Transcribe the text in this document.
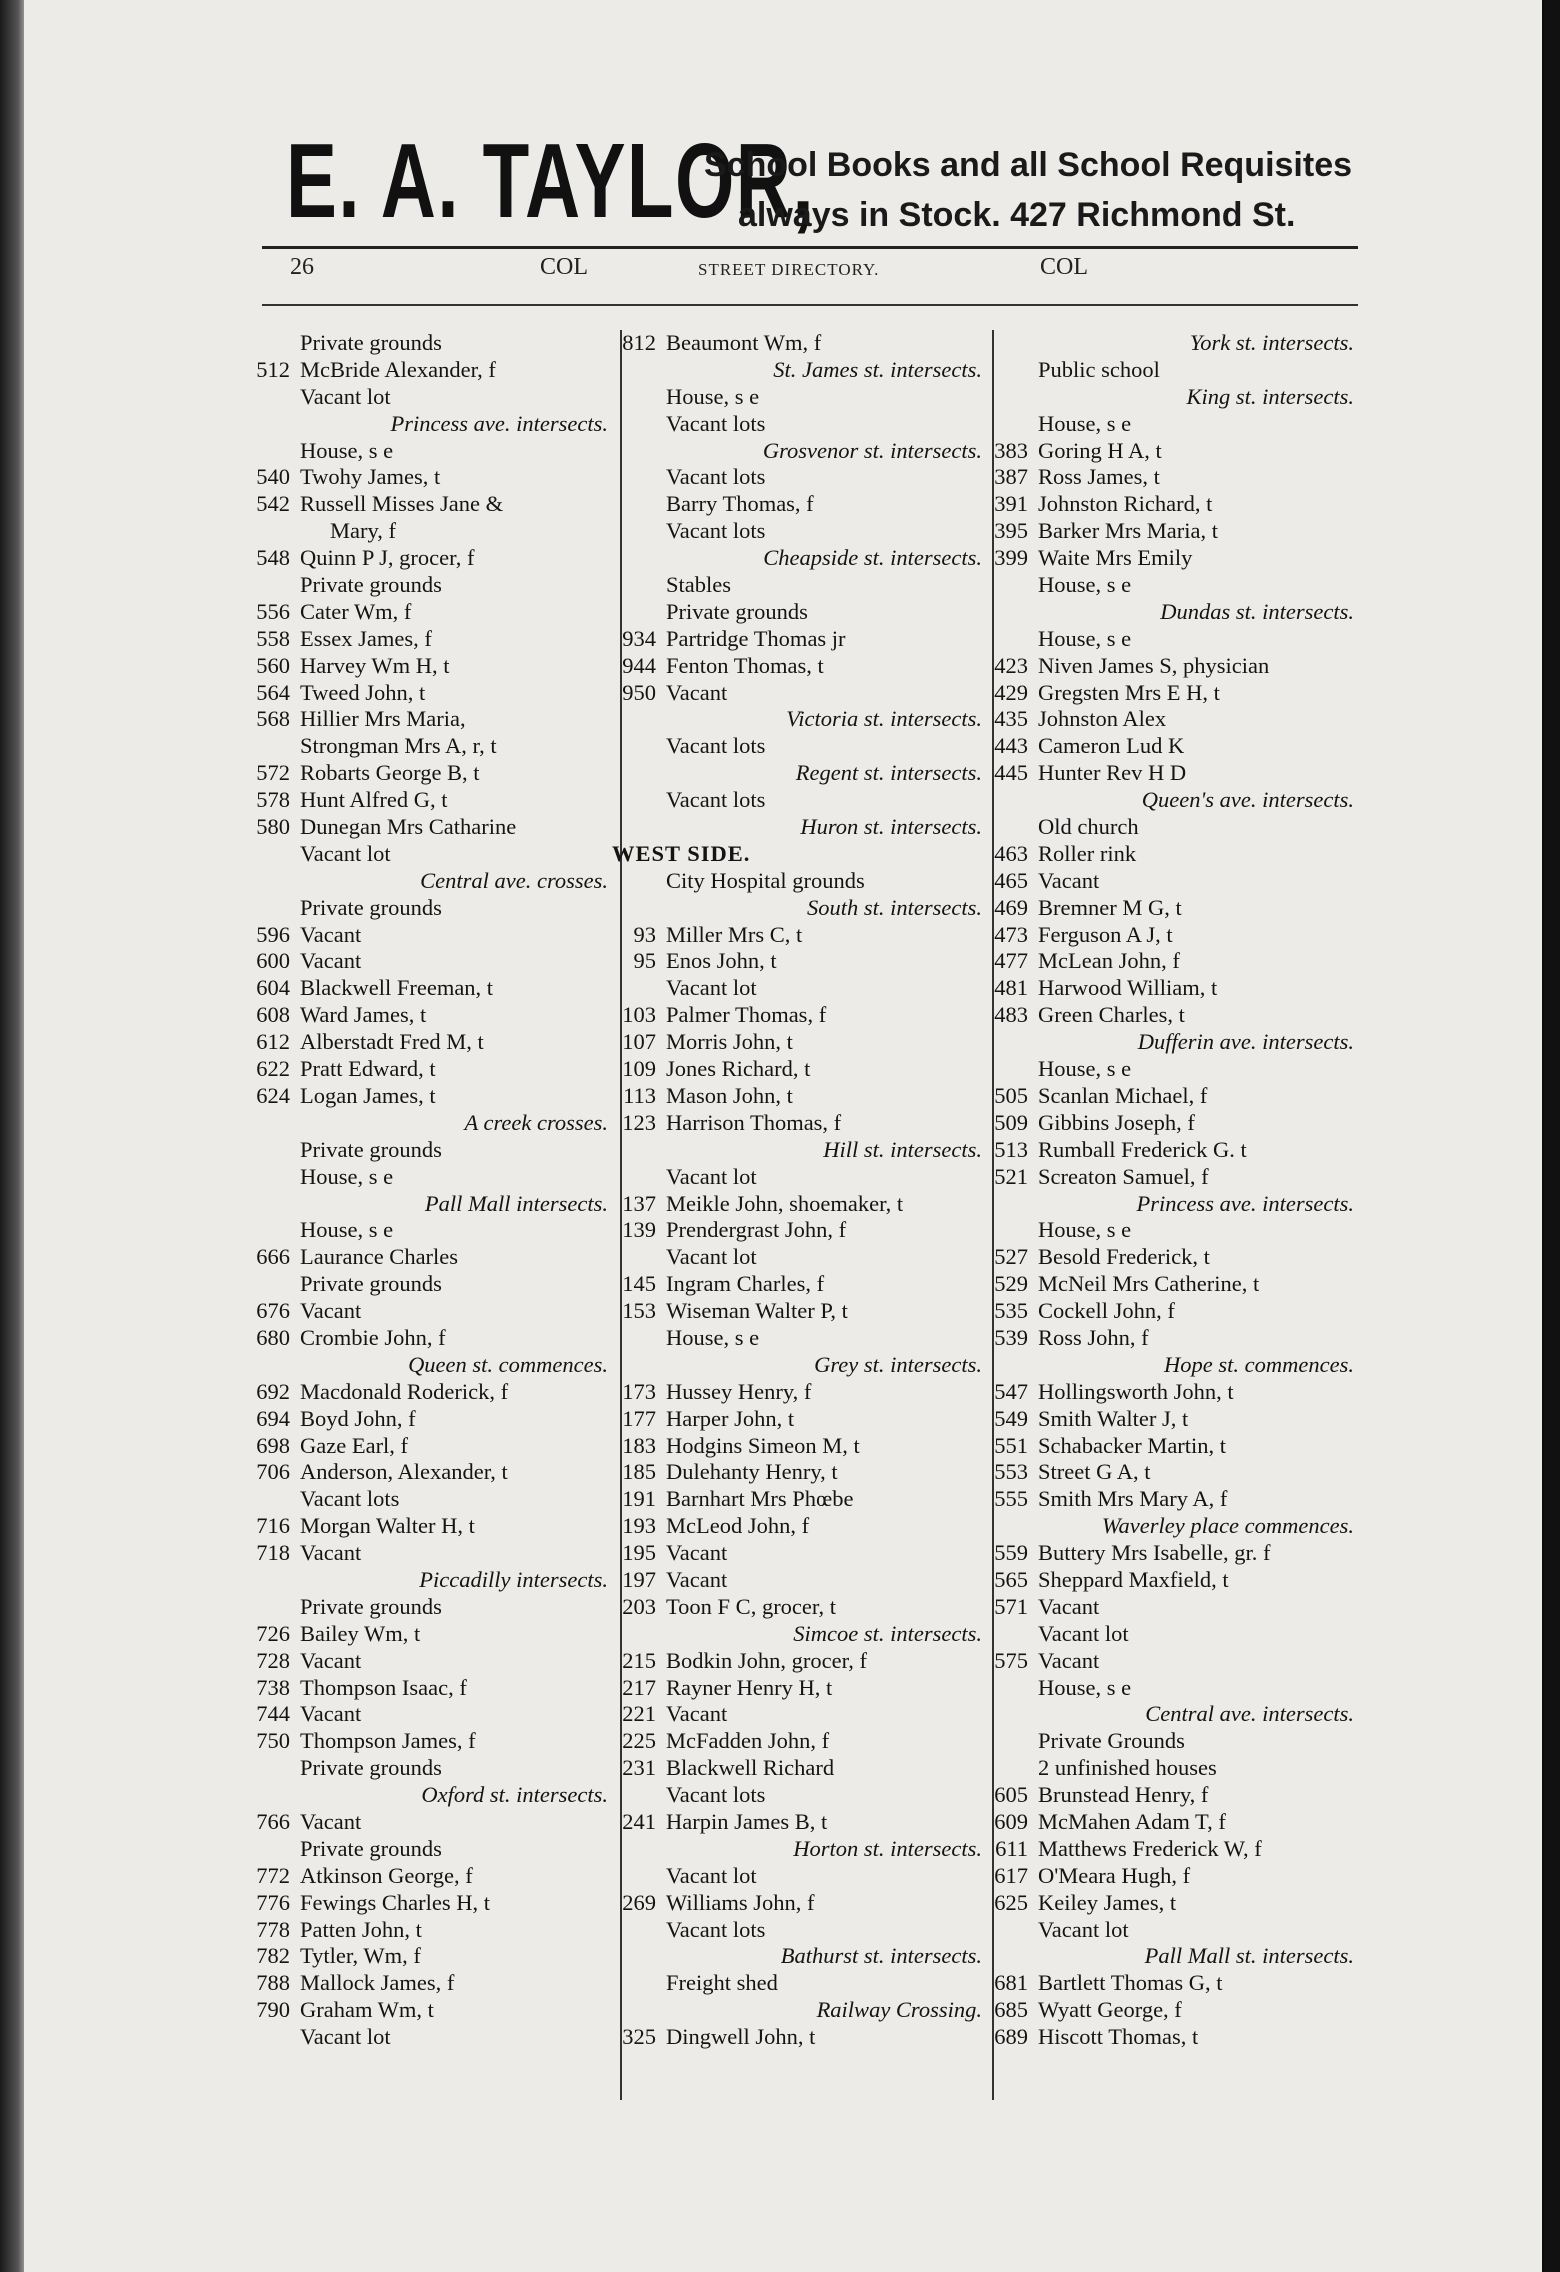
E. A. TAYLOR,
School Books and all School Requisites
always in Stock. 427 Richmond St.
26	COL	STREET DIRECTORY.	COL
Private grounds
512 McBride Alexander, f
Vacant lot
Princess ave. intersects.
House, s e
540 Twohy James, t
542 Russell Misses Jane &
Mary, f
548 Quinn P J, grocer, f
Private grounds
556 Cater Wm, f
558 Essex James, f
560 Harvey Wm H, t
564 Tweed John, t
568 Hillier Mrs Maria,
Strongman Mrs A, r, t
572 Robarts George B, t
578 Hunt Alfred G, t
580 Dunegan Mrs Catharine
Vacant lot
Central ave. crosses.
Private grounds
596 Vacant
600 Vacant
604 Blackwell Freeman, t
608 Ward James, t
612 Alberstadt Fred M, t
622 Pratt Edward, t
624 Logan James, t
A creek crosses.
Private grounds
House, s e
Pall Mall intersects.
House, s e
666 Laurance Charles
Private grounds
676 Vacant
680 Crombie John, f
Queen st. commences.
692 Macdonald Roderick, f
694 Boyd John, f
698 Gaze Earl, f
706 Anderson, Alexander, t
Vacant lots
716 Morgan Walter H, t
718 Vacant
Piccadilly intersects.
Private grounds
726 Bailey Wm, t
728 Vacant
738 Thompson Isaac, f
744 Vacant
750 Thompson James, f
Private grounds
Oxford st. intersects.
766 Vacant
Private grounds
772 Atkinson George, f
776 Fewings Charles H, t
778 Patten John, t
782 Tytler, Wm, f
788 Mallock James, f
790 Graham Wm, t
Vacant lot
812 Beaumont Wm, f
St. James st. intersects.
House, s e
Vacant lots
Grosvenor st. intersects.
Vacant lots
Barry Thomas, f
Vacant lots
Cheapside st. intersects.
Stables
Private grounds
934 Partridge Thomas jr
944 Fenton Thomas, t
950 Vacant
Victoria st. intersects.
Vacant lots
Regent st. intersects.
Vacant lots
Huron st. intersects.
WEST SIDE.
City Hospital grounds
South st. intersects.
93 Miller Mrs C, t
95 Enos John, t
Vacant lot
103 Palmer Thomas, f
107 Morris John, t
109 Jones Richard, t
113 Mason John, t
123 Harrison Thomas, f
Hill st. intersects.
Vacant lot
137 Meikle John, shoemaker, t
139 Prendergrast John, f
Vacant lot
145 Ingram Charles, f
153 Wiseman Walter P, t
House, s e
Grey st. intersects.
173 Hussey Henry, f
177 Harper John, t
183 Hodgins Simeon M, t
185 Dulehanty Henry, t
191 Barnhart Mrs Phœbe
193 McLeod John, f
195 Vacant
197 Vacant
203 Toon F C, grocer, t
Simcoe st. intersects.
215 Bodkin John, grocer, f
217 Rayner Henry H, t
221 Vacant
225 McFadden John, f
231 Blackwell Richard
Vacant lots
241 Harpin James B, t
Horton st. intersects.
Vacant lot
269 Williams John, f
Vacant lots
Bathurst st. intersects.
Freight shed
Railway Crossing.
325 Dingwell John, t
York st. intersects.
Public school
King st. intersects.
House, s e
383 Goring H A, t
387 Ross James, t
391 Johnston Richard, t
395 Barker Mrs Maria, t
399 Waite Mrs Emily
House, s e
Dundas st. intersects.
House, s e
423 Niven James S, physician
429 Gregsten Mrs E H, t
435 Johnston Alex
443 Cameron Lud K
445 Hunter Rev H D
Queen's ave. intersects.
Old church
463 Roller rink
465 Vacant
469 Bremner M G, t
473 Ferguson A J, t
477 McLean John, f
481 Harwood William, t
483 Green Charles, t
Dufferin ave. intersects.
House, s e
505 Scanlan Michael, f
509 Gibbins Joseph, f
513 Rumball Frederick G. t
521 Screaton Samuel, f
Princess ave. intersects.
House, s e
527 Besold Frederick, t
529 McNeil Mrs Catherine, t
535 Cockell John, f
539 Ross John, f
Hope st. commences.
547 Hollingsworth John, t
549 Smith Walter J, t
551 Schabacker Martin, t
553 Street G A, t
555 Smith Mrs Mary A, f
Waverley place commences.
559 Buttery Mrs Isabelle, gr. f
565 Sheppard Maxfield, t
571 Vacant
Vacant lot
575 Vacant
House, s e
Central ave. intersects.
Private Grounds
2 unfinished houses
605 Brunstead Henry, f
609 McMahen Adam T, f
611 Matthews Frederick W, f
617 O'Meara Hugh, f
625 Keiley James, t
Vacant lot
Pall Mall st. intersects.
681 Bartlett Thomas G, t
685 Wyatt George, f
689 Hiscott Thomas, t
